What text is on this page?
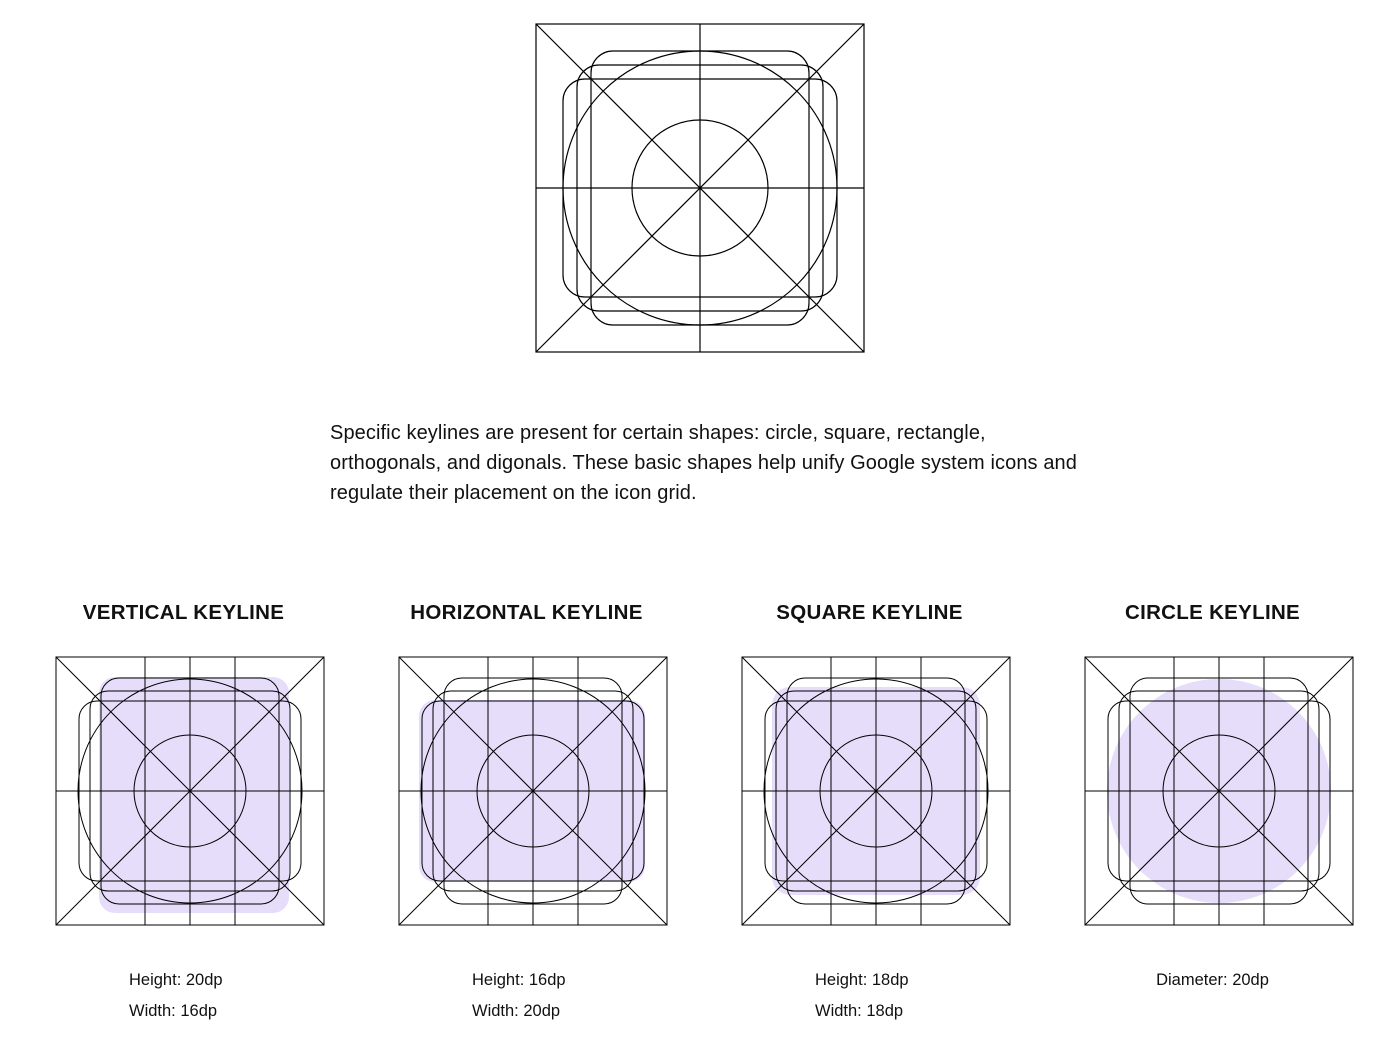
Specific keylines are present for certain shapes: circle, square, rectangle, orthogonals, and digonals. These basic shapes help unify Google system icons and regulate their placement on the icon grid.

VERTICAL KEYLINE
Height: 20dp
Width: 16dp
HORIZONTAL KEYLINE
Height: 16dp
Width: 20dp
SQUARE KEYLINE
Height: 18dp
Width: 18dp
CIRCLE KEYLINE
Diameter: 20dp
